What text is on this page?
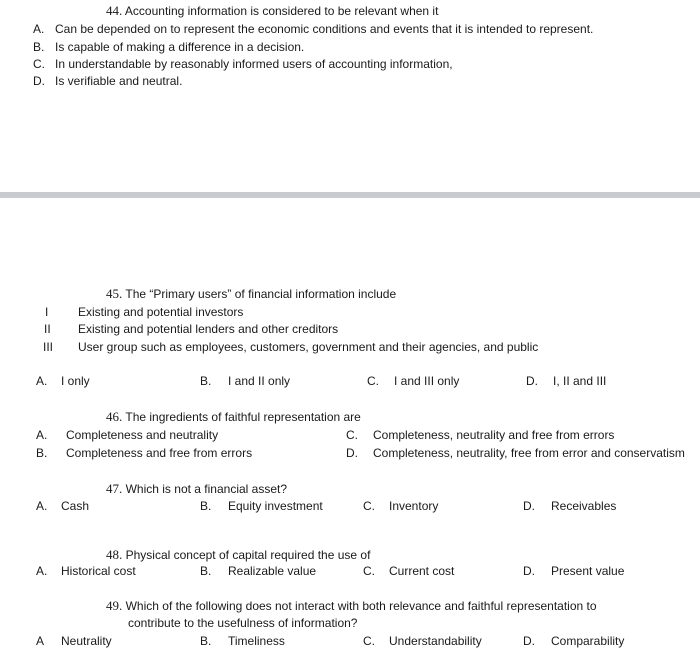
44. Accounting information is considered to be relevant when it
A. Can be depended on to represent the economic conditions and events that it is intended to represent.
B. Is capable of making a difference in a decision.
C. In understandable by reasonably informed users of accounting information,
D. Is verifiable and neutral.
45. The “Primary users” of financial information include
I Existing and potential investors
II Existing and potential lenders and other creditors
III User group such as employees, customers, government and their agencies, and public
A. I only	B. I and II only	C. I and III only	D. I, II and III
46. The ingredients of faithful representation are
A. Completeness and neutrality
B. Completeness and free from errors
C. Completeness, neutrality and free from errors
D. Completeness, neutrality, free from error and conservatism
47. Which is not a financial asset?
A. Cash	B. Equity investment	C. Inventory	D. Receivables
48. Physical concept of capital required the use of
A. Historical cost	B. Realizable value	C. Current cost	D. Present value
49. Which of the following does not interact with both relevance and faithful representation to
contribute to the usefulness of information?
A Neutrality	B. Timeliness	C. Understandability	D. Comparability
